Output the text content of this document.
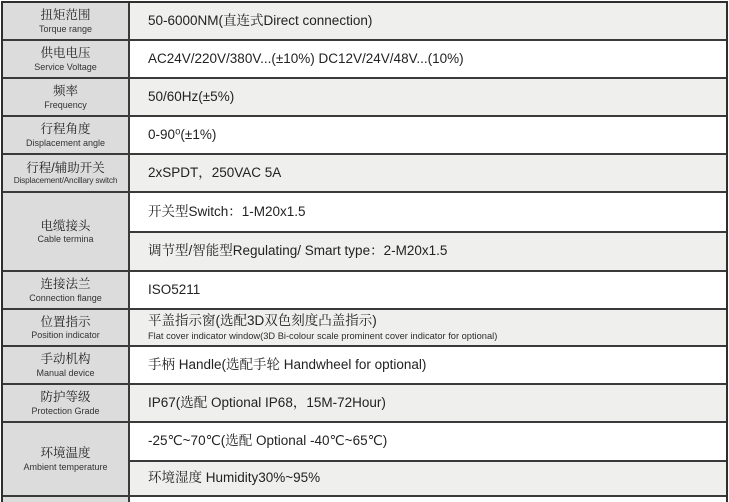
扭矩范围
Torque range
50-6000NM(直连式Direct connection)
供电电压
Service Voltage
AC24V/220V/380V...(±10%) DC12V/24V/48V...(10%)
频率
Frequency
50/60Hz(±5%)
行程角度
Displacement angle
0-90⁰(±1%)
行程/辅助开关
Displacement/Ancillary switch
2xSPDT，250VAC 5A
电缆接头
Cable termina
开关型Switch：1-M20x1.5
调节型/智能型Regulating/ Smart type：2-M20x1.5
连接法兰
Connection flange
ISO5211
位置指示
Position indicator
平盖指示窗(选配3D双色刻度凸盖指示)
Flat cover indicator window(3D Bi-colour scale prominent cover indicator for optional)
手动机构
Manual device
手柄 Handle(选配手轮 Handwheel for optional)
防护等级
Protection Grade
IP67(选配 Optional IP68，15M-72Hour)
环境温度
Ambient temperature
-25℃~70℃(选配 Optional -40℃~65℃)
环境湿度 Humidity30%~95%
